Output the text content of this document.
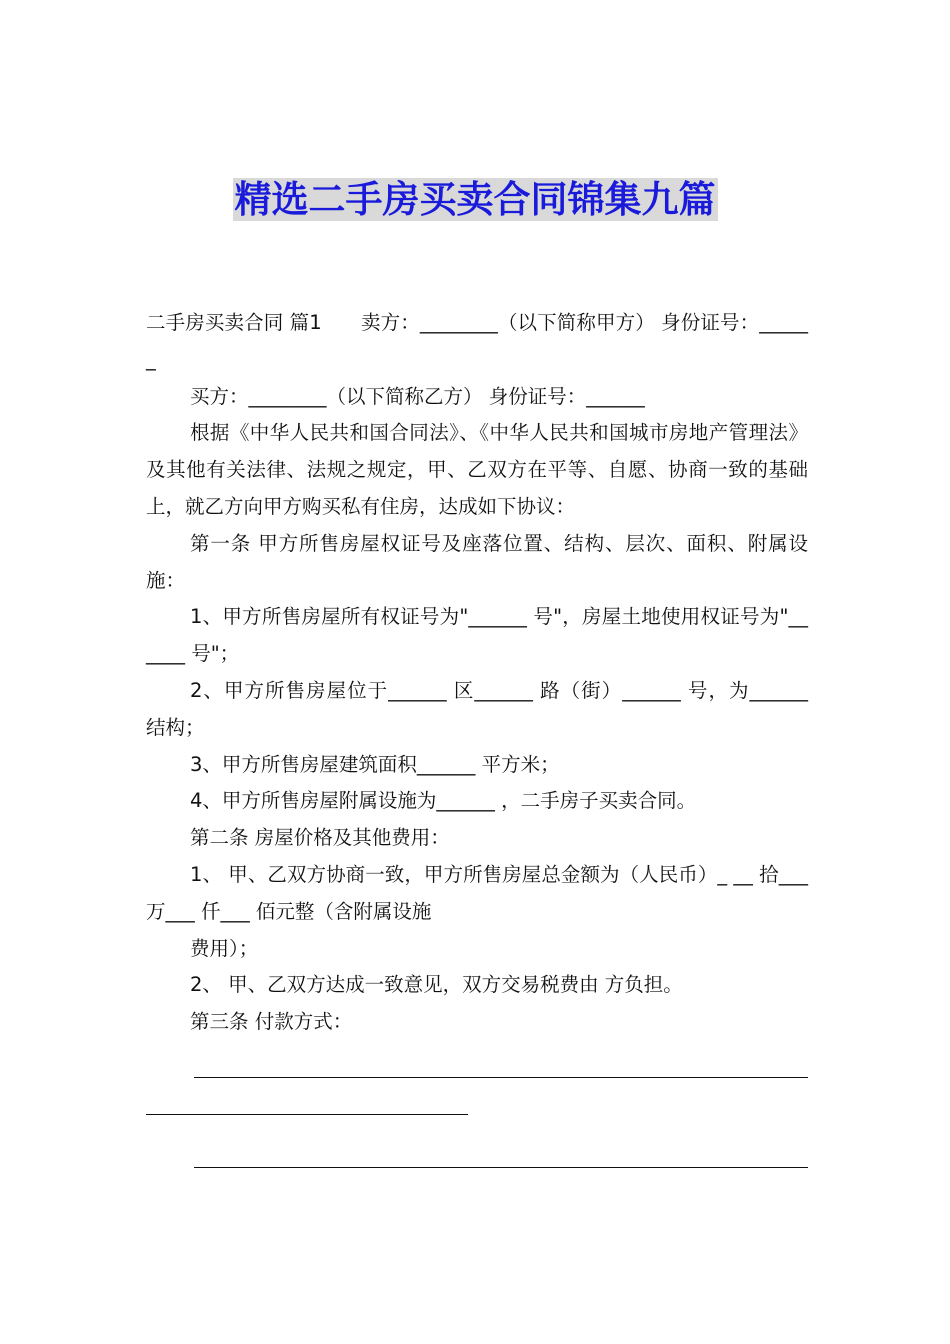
精选二手房买卖合同锦集九篇

二手房买卖合同 篇1　　卖方：________（以下简称甲方） 身份证号：______

买方：________（以下简称乙方） 身份证号：______

根据《中华人民共和国合同法》、《中华人民共和国城市房地产管理法》及其他有关法律、法规之规定，甲、乙双方在平等、自愿、协商一致的基础上，就乙方向甲方购买私有住房，达成如下协议：

第一条 甲方所售房屋权证号及座落位置、结构、层次、面积、附属设施：

1、甲方所售房屋所有权证号为"______ 号"，房屋土地使用权证号为"______ 号"；

2、甲方所售房屋位于______ 区______ 路（街）______ 号，为______ 结构；

3、甲方所售房屋建筑面积______ 平方米；

4、甲方所售房屋附属设施为______ ，二手房子买卖合同。

第二条 房屋价格及其他费用：

1、 甲、乙双方协商一致，甲方所售房屋总金额为（人民币）_ __ 拾___ 万___ 仟___ 佰元整（含附属设施

费用）；

2、 甲、乙双方达成一致意见，双方交易税费由 方负担。

第三条 付款方式：
